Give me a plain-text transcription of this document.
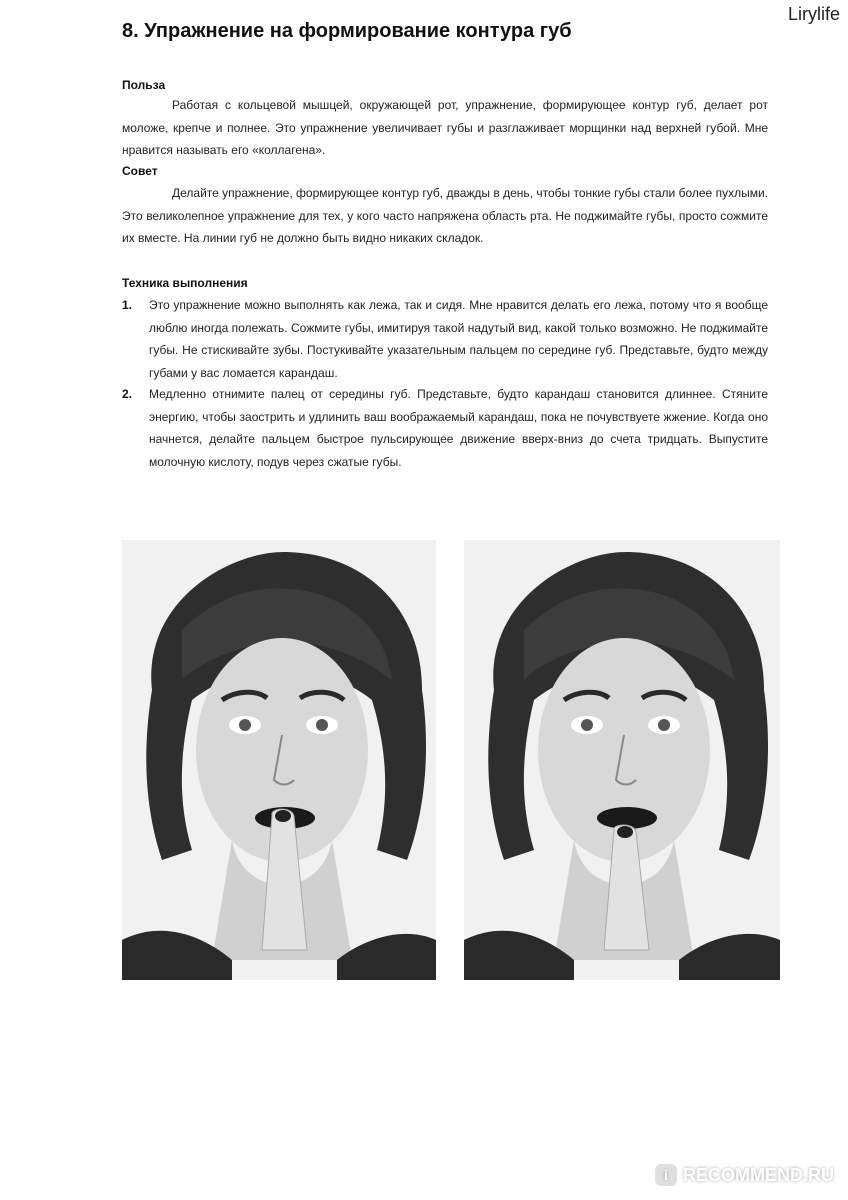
Lirylife
8. Упражнение на формирование контура губ
Польза

Работая с кольцевой мышцей, окружающей рот, упражнение, формирующее контур губ, делает рот моложе, крепче и полнее. Это упражнение увеличивает губы и разглаживает морщинки над верхней губой. Мне нравится называть его «коллагена».

Совет

Делайте упражнение, формирующее контур губ, дважды в день, чтобы тонкие губы стали более пухлыми. Это великолепное упражнение для тех, у кого часто напряжена область рта. Не поджимайте губы, просто сожмите их вместе. На линии губ не должно быть видно никаких складок.

Техника выполнения
1. Это упражнение можно выполнять как лежа, так и сидя. Мне нравится делать его лежа, потому что я вообще люблю иногда полежать. Сожмите губы, имитируя такой надутый вид, какой только возможно. Не поджимайте губы. Не стискивайте зубы. Постукивайте указательным пальцем по середине губ. Представьте, будто между губами у вас ломается карандаш.
2. Медленно отнимите палец от середины губ. Представьте, будто карандаш становится длиннее. Стяните энергию, чтобы заострить и удлинить ваш воображаемый карандаш, пока не почувствуете жжение. Когда оно начнется, делайте пальцем быстрое пульсирующее движение вверх-вниз до счета тридцать. Выпустите молочную кислоту, подув через сжатые губы.
i RECOMMEND.RU
